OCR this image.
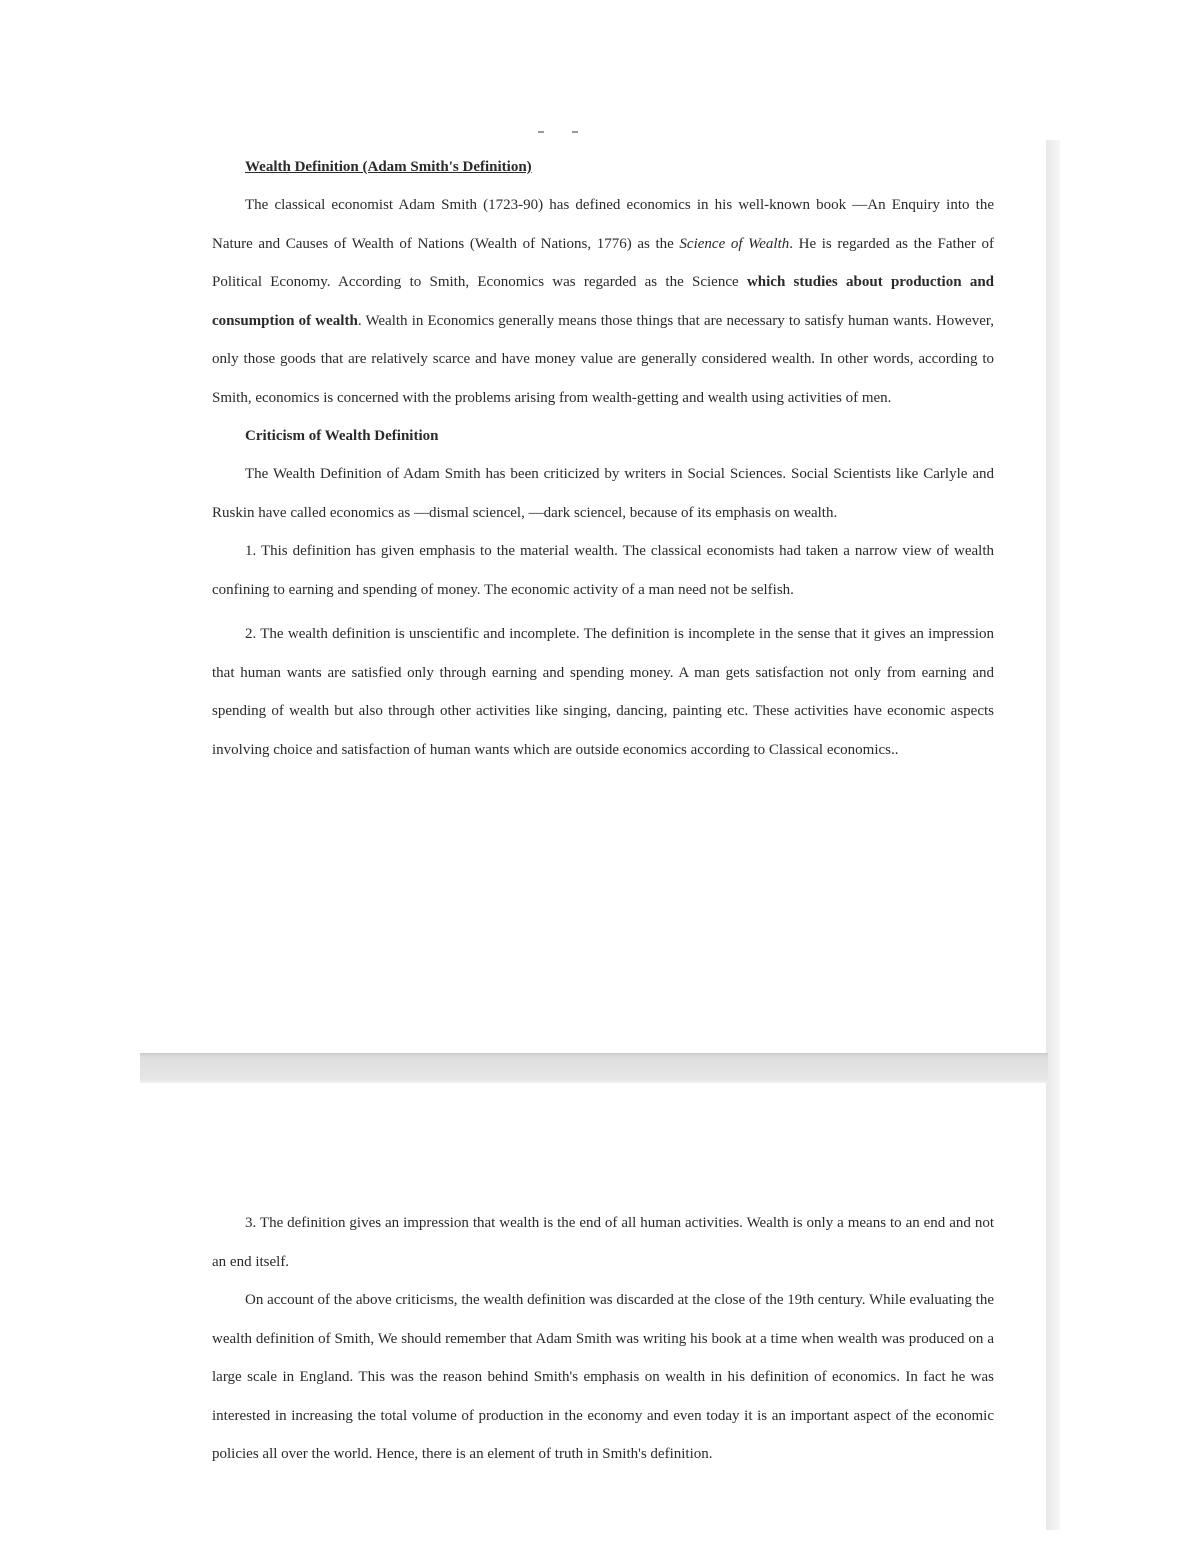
Wealth Definition (Adam Smith's Definition)

The classical economist Adam Smith (1723-90) has defined economics in his well-known book —An Enquiry into the Nature and Causes of Wealth of Nations (Wealth of Nations, 1776) as the Science of Wealth. He is regarded as the Father of Political Economy. According to Smith, Economics was regarded as the Science which studies about production and consumption of wealth. Wealth in Economics generally means those things that are necessary to satisfy human wants. However, only those goods that are relatively scarce and have money value are generally considered wealth. In other words, according to Smith, economics is concerned with the problems arising from wealth-getting and wealth using activities of men.

Criticism of Wealth Definition

The Wealth Definition of Adam Smith has been criticized by writers in Social Sciences. Social Scientists like Carlyle and Ruskin have called economics as —dismal sciencel, —dark sciencel, because of its emphasis on wealth.

1. This definition has given emphasis to the material wealth. The classical economists had taken a narrow view of wealth confining to earning and spending of money. The economic activity of a man need not be selfish.

2. The wealth definition is unscientific and incomplete. The definition is incomplete in the sense that it gives an impression that human wants are satisfied only through earning and spending money. A man gets satisfaction not only from earning and spending of wealth but also through other activities like singing, dancing, painting etc. These activities have economic aspects involving choice and satisfaction of human wants which are outside economics according to Classical economics..

3. The definition gives an impression that wealth is the end of all human activities. Wealth is only a means to an end and not an end itself.

On account of the above criticisms, the wealth definition was discarded at the close of the 19th century. While evaluating the wealth definition of Smith, We should remember that Adam Smith was writing his book at a time when wealth was produced on a large scale in England. This was the reason behind Smith's emphasis on wealth in his definition of economics. In fact he was interested in increasing the total volume of production in the economy and even today it is an important aspect of the economic policies all over the world. Hence, there is an element of truth in Smith's definition.
